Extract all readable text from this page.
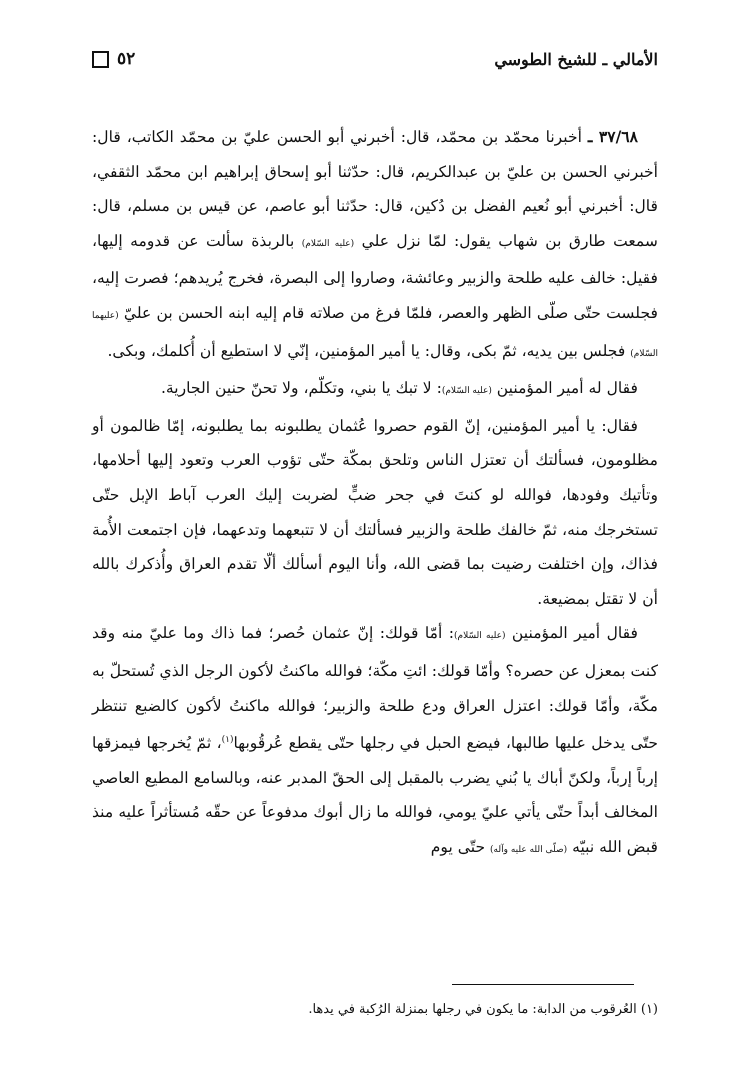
٥٢	الأمالي ـ للشيخ الطوسي

٣٧/٦٨ ـ أخبرنا محمّد بن محمّد، قال: أخبرني أبو الحسن عليّ بن محمّد الكاتب، قال: أخبرني الحسن بن عليّ بن عبدالكريم، قال: حدّثنا أبو إسحاق إبراهيم ابن محمّد الثقفي، قال: أخبرني أبو نُعيم الفضل بن دُكين، قال: حدّثنا أبو عاصم، عن قيس بن مسلم، قال: سمعت طارق بن شهاب يقول: لمّا نزل علي (عليه السّلام) بالربذة سألت عن قدومه إليها، فقيل: خالف عليه طلحة والزبير وعائشة، وصاروا إلى البصرة، فخرج يُريدهم؛ فصرت إليه، فجلست حتّى صلّى الظهر والعصر، فلمّا فرغ من صلاته قام إليه ابنه الحسن بن عليّ (عليهما السّلام) فجلس بين يديه، ثمّ بكى، وقال: يا أمير المؤمنين، إنّي لا استطيع أن أُكلمك، وبكى.

فقال له أمير المؤمنين (عليه السّلام): لا تبك يا بني، وتكلّم، ولا تحنّ حنين الجارية.

فقال: يا أمير المؤمنين، إنّ القوم حصروا عُثمان يطلبونه بما يطلبونه، إمّا ظالمون أو مظلومون، فسألتك أن تعتزل الناس وتلحق بمكّة حتّى تؤوب العرب وتعود إليها أحلامها، وتأتيك وفودها، فوالله لو كنتَ في جحر ضبٍّ لضربت إليك العرب آباط الإبل حتّى تستخرجك منه، ثمّ خالفك طلحة والزبير فسألتك أن لا تتبعهما وتدعهما، فإن اجتمعت الأُمة فذاك، وإن اختلفت رضيت بما قضى الله، وأنا اليوم أسألك ألّا تقدم العراق وأُذكرك بالله أن لا تقتل بمضيعة.

فقال أمير المؤمنين (عليه السّلام): أمّا قولك: إنّ عثمان حُصر؛ فما ذاك وما عليّ منه وقد كنت بمعزل عن حصره؟ وأمّا قولك: ائتِ مكّة؛ فوالله ماكنتُ لأكون الرجل الذي تُستحلّ به مكّة، وأمّا قولك: اعتزل العراق ودع طلحة والزبير؛ فوالله ماكنتُ لأكون كالضبع تنتظر حتّى يدخل عليها طالبها، فيضع الحبل في رجلها حتّى يقطع عُرقُوبها$^{(١)}$، ثمّ يُخرجها فيمزقها إرباً إرباً، ولكنّ أباك يا بُني يضرب بالمقبل إلى الحقّ المدبر عنه، وبالسامع المطيع العاصي المخالف أبداً حتّى يأتي عليّ يومي، فوالله ما زال أبوك مدفوعاً عن حقّه مُستأثراً عليه منذ قبض الله نبيّه (صلّى الله عليه وآله) حتّى يوم

(١) العُرقوب من الدابة: ما يكون في رجلها بمنزلة الرُكبة في يدها.
